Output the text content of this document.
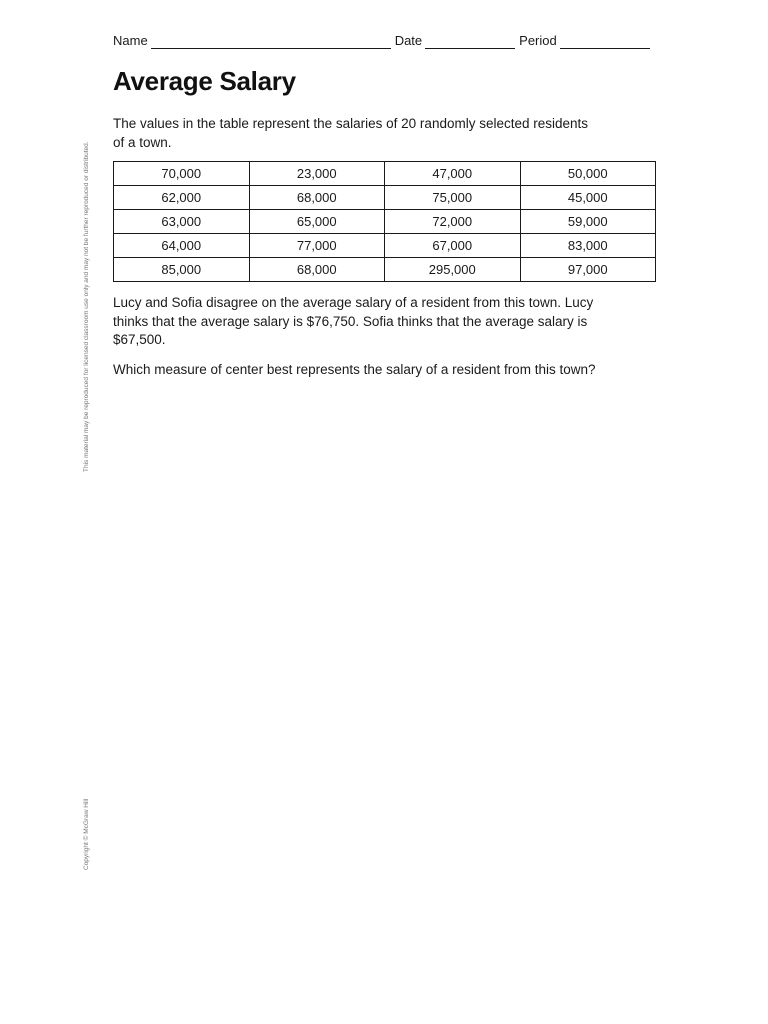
Name	Date	Period
Average Salary

The values in the table represent the salaries of 20 randomly selected residents of a town.

70,000	23,000	47,000	50,000
62,000	68,000	75,000	45,000
63,000	65,000	72,000	59,000
64,000	77,000	67,000	83,000
85,000	68,000	295,000	97,000

Lucy and Sofia disagree on the average salary of a resident from this town. Lucy thinks that the average salary is $76,750. Sofia thinks that the average salary is $67,500.

Which measure of center best represents the salary of a resident from this town?

This material may be reproduced for licensed classroom use only and may not be further reproduced or distributed.
Copyright © McGraw Hill
